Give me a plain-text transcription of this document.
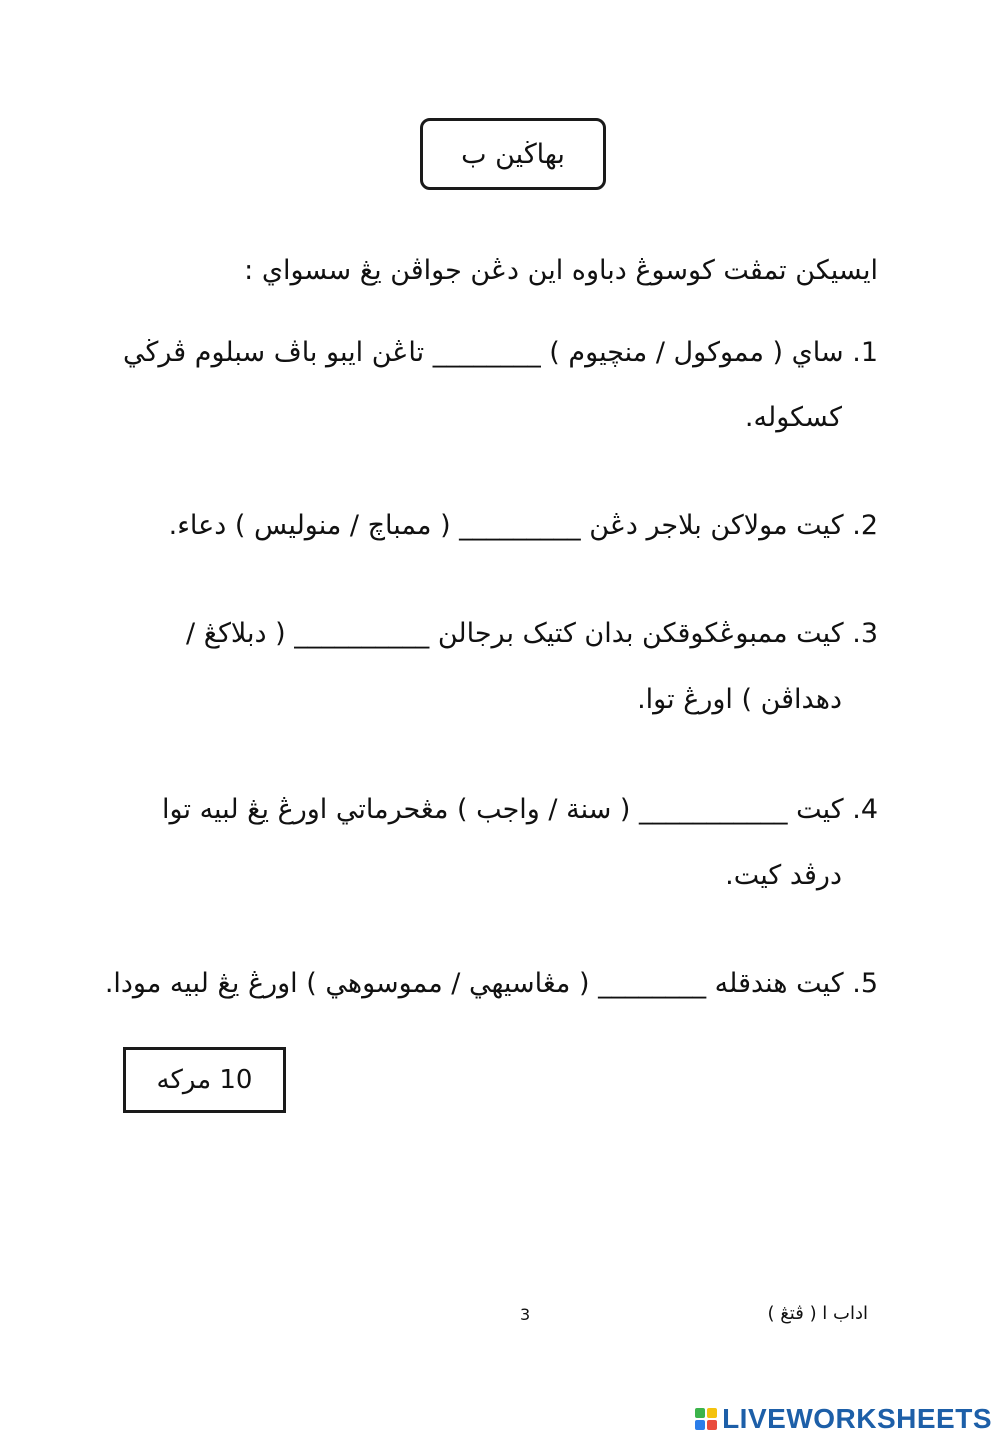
بهاڬين ب
ايسيکن تمڤت کوسوڠ دباوه اين دڠن جواڤن يڠ سسواي :
1. ساي ( مموکول / منچيوم ) ________ تاڠن ايبو باڤ سبلوم ڤرڬي
کسکوله.
2. کيت مولاکن بلاجر دڠن _________ ( ممباچ / منوليس ) دعاء.
3. کيت ممبوڠکوقکن بدان کتيک برجالن __________ ( دبلاکڠ /
دهداڤن ) اورڠ توا.
4. کيت ___________ ( سنة / واجب ) مڠحرماتي اورڠ يڠ لبيه توا
درڤد کيت.
5. کيت هندقله ________ ( مڠاسيهي / مموسوهي ) اورڠ يڠ لبيه مودا.
10 مرکه
3	اداب ا ( ڤتڠ )
LIVEWORKSHEETS
